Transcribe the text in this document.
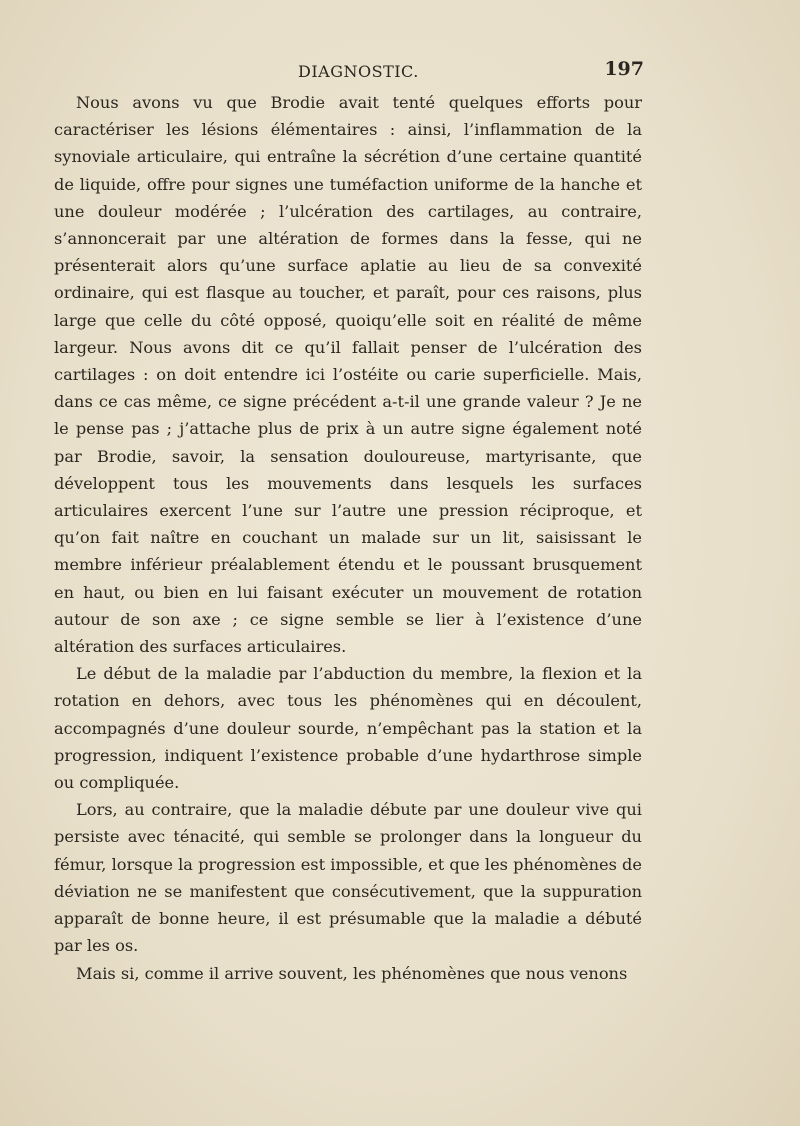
DIAGNOSTIC.	197

Nous avons vu que Brodie avait tenté quelques efforts pour caractériser les lésions élémentaires : ainsi, l’inflammation de la synoviale articulaire, qui entraîne la sécrétion d’une certaine quantité de liquide, offre pour signes une tuméfaction uniforme de la hanche et une douleur modérée ; l’ulcération des cartilages, au contraire, s’annoncerait par une altération de formes dans la fesse, qui ne présenterait alors qu’une surface aplatie au lieu de sa convexité ordinaire, qui est flasque au toucher, et paraît, pour ces raisons, plus large que celle du côté opposé, quoiqu’elle soit en réalité de même largeur. Nous avons dit ce qu’il fallait penser de l’ulcération des cartilages : on doit entendre ici l’ostéite ou carie superficielle. Mais, dans ce cas même, ce signe précédent a-t-il une grande valeur ? Je ne le pense pas ; j’attache plus de prix à un autre signe également noté par Brodie, savoir, la sensation douloureuse, martyrisante, que développent tous les mouvements dans lesquels les surfaces articulaires exercent l’une sur l’autre une pression réciproque, et qu’on fait naître en couchant un malade sur un lit, saisissant le membre inférieur préalablement étendu et le poussant brusquement en haut, ou bien en lui faisant exécuter un mouvement de rotation autour de son axe ; ce signe semble se lier à l’existence d’une altération des surfaces articulaires.

Le début de la maladie par l’abduction du membre, la flexion et la rotation en dehors, avec tous les phénomènes qui en découlent, accompagnés d’une douleur sourde, n’empêchant pas la station et la progression, indiquent l’existence probable d’une hydarthrose simple ou compliquée.

Lors, au contraire, que la maladie débute par une douleur vive qui persiste avec ténacité, qui semble se prolonger dans la longueur du fémur, lorsque la progression est impossible, et que les phénomènes de déviation ne se manifestent que consécutivement, que la suppuration apparaît de bonne heure, il est présumable que la maladie a débuté par les os.

Mais si, comme il arrive souvent, les phénomènes que nous venons
